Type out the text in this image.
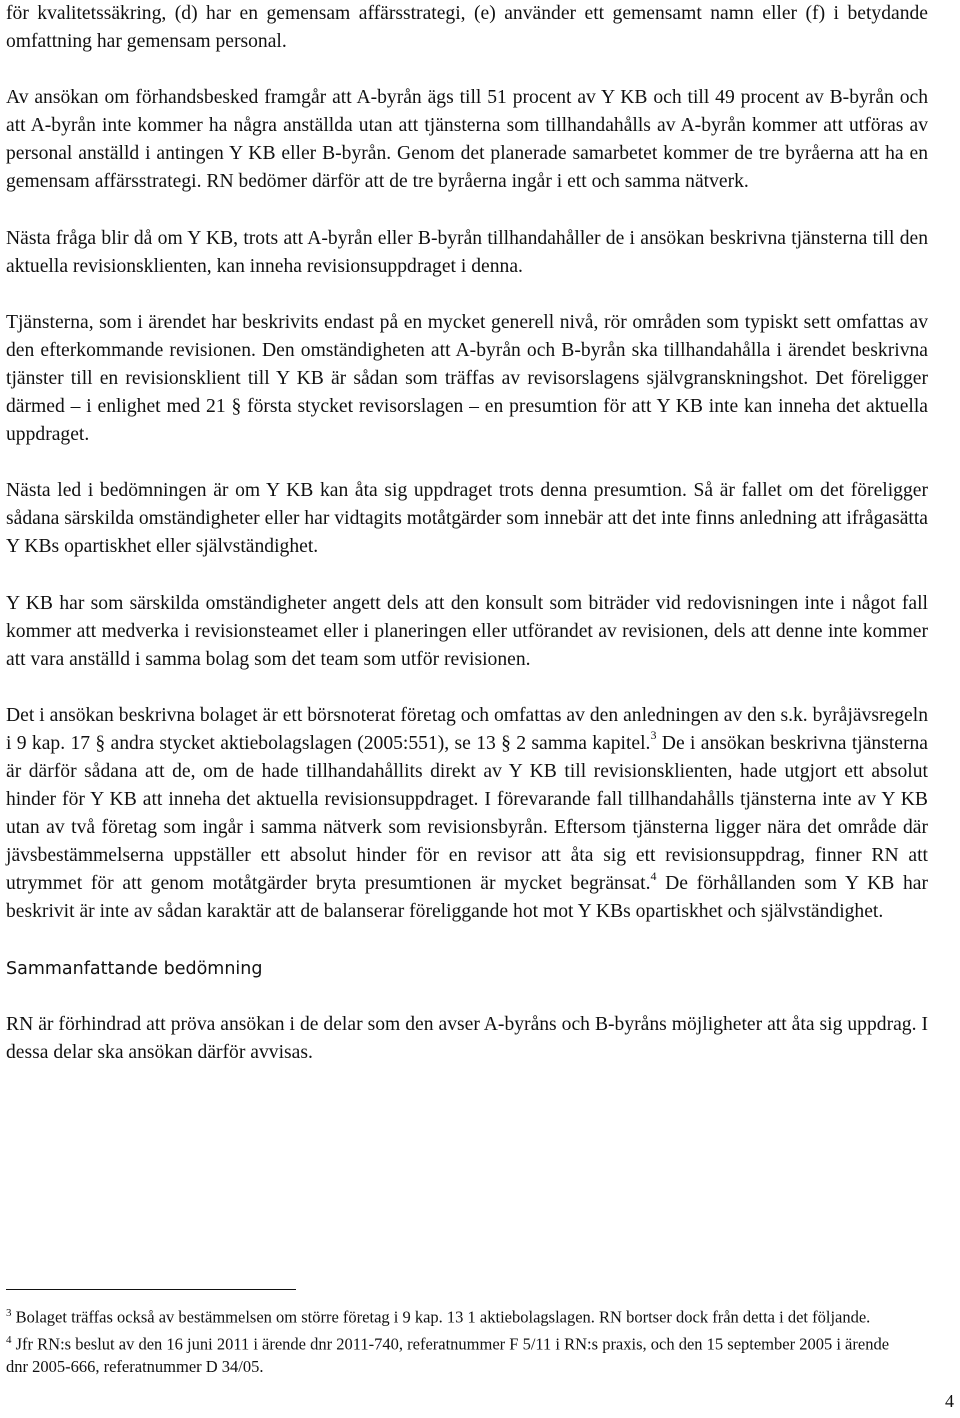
för kvalitetssäkring, (d) har en gemensam affärsstrategi, (e) använder ett gemensamt namn eller (f) i betydande omfattning har gemensam personal.

Av ansökan om förhandsbesked framgår att A-byrån ägs till 51 procent av Y KB och till 49 procent av B-byrån och att A-byrån inte kommer ha några anställda utan att tjänsterna som tillhandahålls av A-byrån kommer att utföras av personal anställd i antingen Y KB eller B-byrån. Genom det planerade samarbetet kommer de tre byråerna att ha en gemensam affärsstrategi. RN bedömer därför att de tre byråerna ingår i ett och samma nätverk.

Nästa fråga blir då om Y KB, trots att A-byrån eller B-byrån tillhandahåller de i ansökan beskrivna tjänsterna till den aktuella revisionsklienten, kan inneha revisionsuppdraget i denna.

Tjänsterna, som i ärendet har beskrivits endast på en mycket generell nivå, rör områden som typiskt sett omfattas av den efterkommande revisionen. Den omständigheten att A-byrån och B-byrån ska tillhandahålla i ärendet beskrivna tjänster till en revisionsklient till Y KB är sådan som träffas av revisorslagens självgranskningshot. Det föreligger därmed – i enlighet med 21 § första stycket revisorslagen – en presumtion för att Y KB inte kan inneha det aktuella uppdraget.

Nästa led i bedömningen är om Y KB kan åta sig uppdraget trots denna presumtion. Så är fallet om det föreligger sådana särskilda omständigheter eller har vidtagits motåtgärder som innebär att det inte finns anledning att ifrågasätta Y KBs opartiskhet eller självständighet.

Y KB har som särskilda omständigheter angett dels att den konsult som biträder vid redovisningen inte i något fall kommer att medverka i revisionsteamet eller i planeringen eller utförandet av revisionen, dels att denne inte kommer att vara anställd i samma bolag som det team som utför revisionen.

Det i ansökan beskrivna bolaget är ett börsnoterat företag och omfattas av den anledningen av den s.k. byråjävsregeln i 9 kap. 17 § andra stycket aktiebolagslagen (2005:551), se 13 § 2 samma kapitel.$^3$ De i ansökan beskrivna tjänsterna är därför sådana att de, om de hade tillhandahållits direkt av Y KB till revisionsklienten, hade utgjort ett absolut hinder för Y KB att inneha det aktuella revisionsuppdraget. I förevarande fall tillhandahålls tjänsterna inte av Y KB utan av två företag som ingår i samma nätverk som revisionsbyrån. Eftersom tjänsterna ligger nära det område där jävsbestämmelserna uppställer ett absolut hinder för en revisor att åta sig ett revisionsuppdrag, finner RN att utrymmet för att genom motåtgärder bryta presumtionen är mycket begränsat.$^4$ De förhållanden som Y KB har beskrivit är inte av sådan karaktär att de balanserar föreliggande hot mot Y KBs opartiskhet och självständighet.

Sammanfattande bedömning

RN är förhindrad att pröva ansökan i de delar som den avser A-byråns och B-byråns möjligheter att åta sig uppdrag. I dessa delar ska ansökan därför avvisas.

$^3$ Bolaget träffas också av bestämmelsen om större företag i 9 kap. 13 1 aktiebolagslagen. RN bortser dock från detta i det följande.

$^4$ Jfr RN:s beslut av den 16 juni 2011 i ärende dnr 2011-740, referatnummer F 5/11 i RN:s praxis, och den 15 september 2005 i ärende dnr 2005-666, referatnummer D 34/05.

4
